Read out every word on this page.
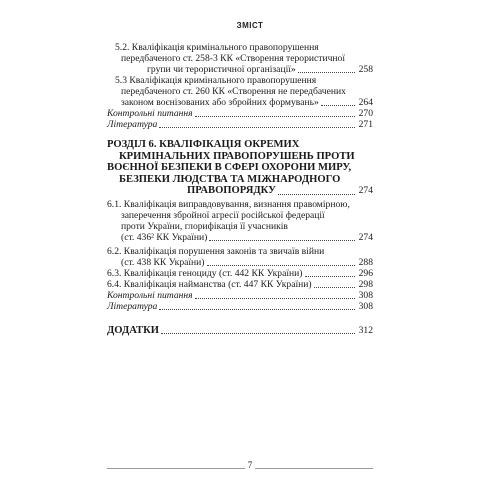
ЗМІСТ
5.2. Кваліфікація кримінального правопорушення
передбаченого ст. 258-3 КК «Створення терористичної
групи чи терористичної організації»	258
5.3 Кваліфікація кримінального правопорушення
передбаченого ст. 260 КК «Створення не передбачених
законом воєнізованих або збройних формувань»	264
Контрольні питання	270
Література	271
РОЗДІЛ 6. КВАЛІФІКАЦІЯ ОКРЕМИХ
КРИМІНАЛЬНИХ ПРАВОПОРУШЕНЬ ПРОТИ
ВОЄННОЇ БЕЗПЕКИ В СФЕРІ ОХОРОНИ МИРУ,
БЕЗПЕКИ ЛЮДСТВА ТА МІЖНАРОДНОГО
ПРАВОПОРЯДКУ	274
6.1. Кваліфікація виправдовування, визнання правомірною,
заперечення збройної агресії російської федерації
проти України, глорифікація її учасників
(ст. 436² КК України)	274
6.2. Кваліфікація порушення законів та звичаїв війни
(ст. 438 КК України)	288
6.3. Кваліфікація геноциду (ст. 442 КК України)	296
6.4. Кваліфікація найманства (ст. 447 КК України)	298
Контрольні питання	308
Література	308
ДОДАТКИ	312
7
